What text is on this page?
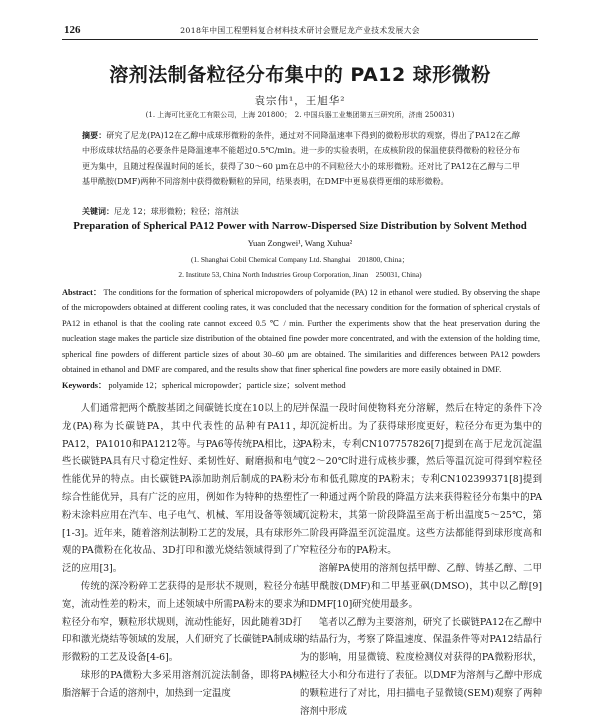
126	2018年中国工程塑料复合材料技术研讨会暨尼龙产业技术发展大会
溶剂法制备粒径分布集中的 PA12 球形微粉
袁宗伟¹，王旭华²
(1. 上海可比亚化工有限公司，上海 201800；　2. 中国兵器工业集团第五三研究所，济南 250031)
摘要：研究了尼龙(PA)12在乙醇中成球形微粉的条件，通过对不同降温速率下得到的微粉形状的观察，得出了PA12在乙醇中形成球状结晶的必要条件是降温速率不能超过0.5℃/min。进一步的实验表明，在成核阶段的保温使获得微粉的粒径分布更为集中，且随过程保温时间的延长，获得了30～60 μm在总中的不同粒径大小的球形微粉。还对比了PA12在乙醇与二甲基甲酰胺(DMF)两种不同溶剂中获得微粉颗粒的异同，结果表明，在DMF中更易获得更细的球形微粉。
关键词：尼龙 12；球形微粉；粒径；溶剂法
Preparation of Spherical PA12 Power with Narrow-Dispersed Size Distribution by Solvent Method
Yuan Zongwei¹, Wang Xuhua²
(1. Shanghai Cobil Chemical Company Ltd. Shanghai　201800, China；
2. Institute 53, China North Industries Group Corporation, Jinan　250031, China)
Abstract： The conditions for the formation of spherical micropowders of polyamide (PA) 12 in ethanol were studied. By observing the shape of the micropowders obtained at different cooling rates, it was concluded that the necessary condition for the formation of spherical crystals of PA12 in ethanol is that the cooling rate cannot exceed 0.5 ℃ / min. Further the experiments show that the heat preservation during the nucleation stage makes the particle size distribution of the obtained fine powder more concentrated, and with the extension of the holding time, spherical fine powders of different particle sizes of about 30–60 μm are obtained. The similarities and differences between PA12 powders obtained in ethanol and DMF are compared, and the results show that finer spherical fine powders are more easily obtained in DMF.
Keywords： polyamide 12；spherical micropowder；particle size；solvent method

人们通常把两个酰胺基团之间碳链长度在10以上的尼龙(PA)称为长碳链PA，其中代表性的品种有PA11，PA12，PA1010和PA1212等。与PA6等传统PA相比，这些长碳链PA具有尺寸稳定性好、柔韧性好、耐磨损和电气性能优异的特点。由长碳链PA添加助剂后制成的PA粉末综合性能优异，具有广泛的应用，例如作为特种的热塑性粉末涂料应用在汽车、电子电气、机械、军用设备等领域[1-3]。近年来，随着溶剂法制粉工艺的发展，具有球形外观的PA微粉在化妆品、3D打印和激光烧结领域得到了广泛的应用[3]。

传统的深冷粉碎工艺获得的是形状不规则，粒径分布宽，流动性差的粉末，而上述领域中所需PA粉末的要求为粒径分布窄，颗粒形状规则，流动性能好，因此随着3D打印和激光烧结等领域的发展，人们研究了长碳链PA制成球形微粉的工艺及设备[4-6]。

球形的PA微粉大多采用溶剂沉淀法制备，即将PA树脂溶解于合适的溶剂中，加热到一定温度

并保温一段时间使物料充分溶解，然后在特定的条件下冷却沉淀析出。为了获得球形度更好，粒径分布更为集中的PA粉末，专利CN107757826[7]提到在高于尼龙沉淀温度2～20℃时进行成核步骤，然后等温沉淀可得到窄粒径分布和低孔隙度的PA粉末；专利CN102399371[8]提到了一种通过两个阶段的降温方法来获得粒径分布集中的PA沉淀粉末，其第一阶段降温至高于析出温度5～25℃，第二阶段再降温至沉淀温度。这些方法都能得到球形度高和窄粒径分布的PA粉末。

溶解PA使用的溶剂包括甲醇、乙醇、铸基乙醇、二甲基甲酰胺(DMF)和二甲基亚砜(DMSO)，其中以乙醇[9]和DMF[10]研究使用最多。

笔者以乙醇为主要溶剂，研究了长碳链PA12在乙醇中的结晶行为，考察了降温速度、保温条件等对PA12结晶行为的影响，用显微镜、粒度检测仪对获得的PA微粉形状，粒径大小和分布进行了表征。以DMF为溶剂与乙醇中形成的颗粒进行了对比，用扫描电子显微镜(SEM)观察了两种溶剂中形成
